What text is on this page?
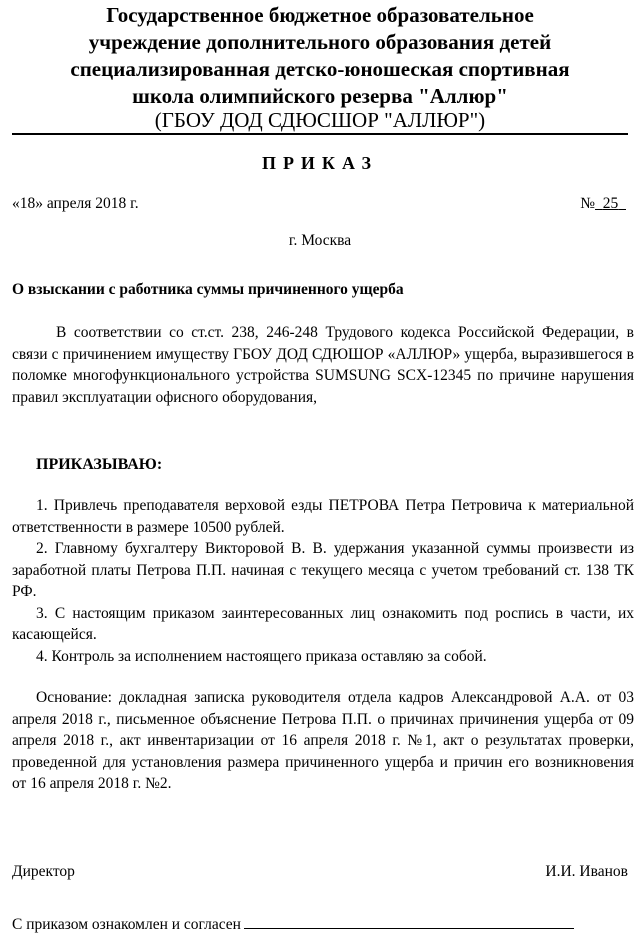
Государственное бюджетное образовательное
учреждение дополнительного образования детей
специализированная детско-юношеская спортивная
школа олимпийского резерва "Аллюр"
(ГБОУ ДОД СДЮСШОР "АЛЛЮР")
ПРИКАЗ
«18» апреля 2018 г.	№ 25
г. Москва
О взыскании с работника суммы причиненного ущерба
В соответствии со ст.ст. 238, 246-248 Трудового кодекса Российской Федерации, в связи с причинением имуществу ГБОУ ДОД СДЮШОР «АЛЛЮР» ущерба, выразившегося в поломке многофункционального устройства SUMSUNG SCX-12345 по причине нарушения правил эксплуатации офисного оборудования,
ПРИКАЗЫВАЮ:

1. Привлечь преподавателя верховой езды ПЕТРОВА Петра Петровича к материальной ответственности в размере 10500 рублей.

2. Главному бухгалтеру Викторовой В. В. удержания указанной суммы произвести из заработной платы Петрова П.П. начиная с текущего месяца с учетом требований ст. 138 ТК РФ.

3. С настоящим приказом заинтересованных лиц ознакомить под роспись в части, их касающейся.

4. Контроль за исполнением настоящего приказа оставляю за собой.

Основание: докладная записка руководителя отдела кадров Александровой А.А. от 03 апреля 2018 г., письменное объяснение Петрова П.П. о причинах причинения ущерба от 09 апреля 2018 г., акт инвентаризации от 16 апреля 2018 г. №1, акт о результатах проверки, проведенной для установления размера причиненного ущерба и причин его возникновения от 16 апреля 2018 г. №2.
Директор	И.И. Иванов
С приказом ознакомлен и согласен
